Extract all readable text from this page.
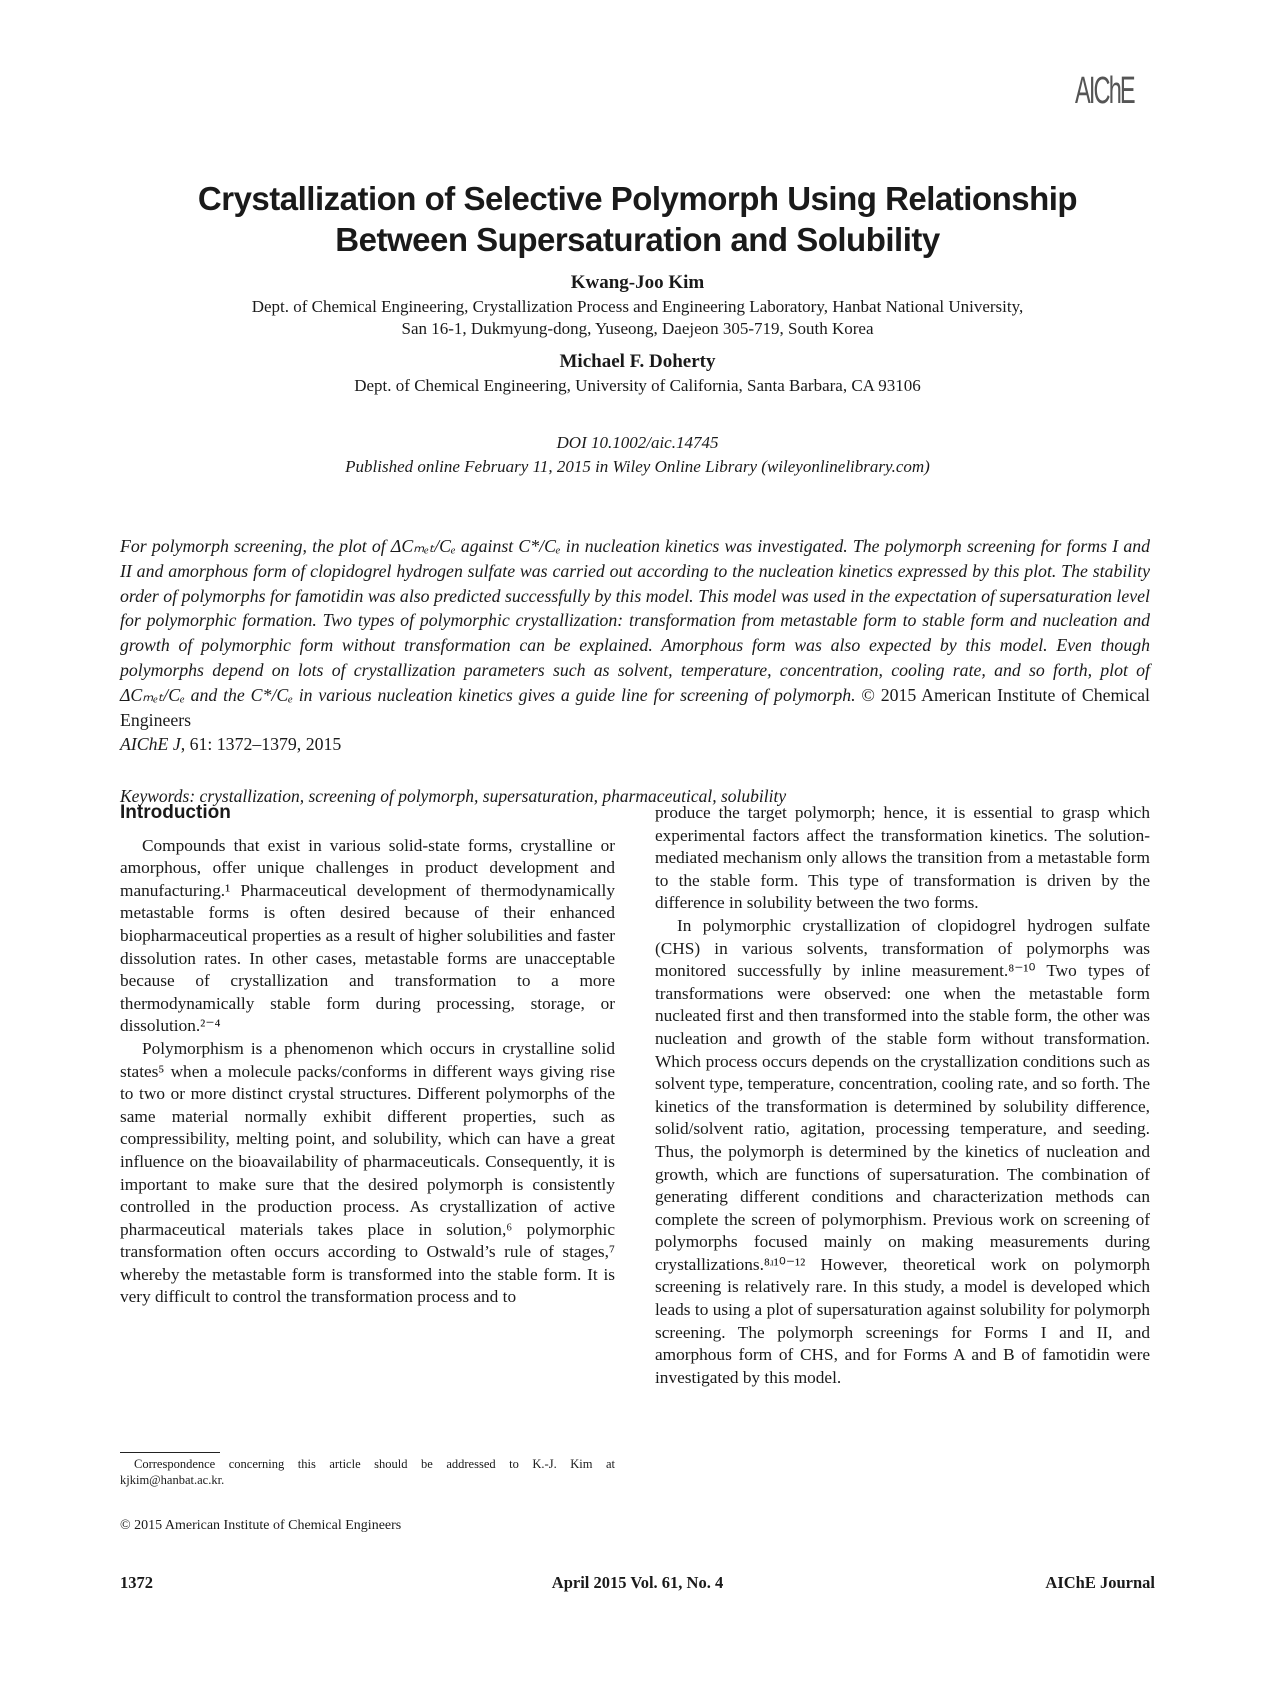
AIChE
Crystallization of Selective Polymorph Using Relationship
Between Supersaturation and Solubility
Kwang-Joo Kim
Dept. of Chemical Engineering, Crystallization Process and Engineering Laboratory, Hanbat National University,
San 16-1, Dukmyung-dong, Yuseong, Daejeon 305-719, South Korea
Michael F. Doherty
Dept. of Chemical Engineering, University of California, Santa Barbara, CA 93106
DOI 10.1002/aic.14745
Published online February 11, 2015 in Wiley Online Library (wileyonlinelibrary.com)
For polymorph screening, the plot of ΔCₘₑₜ/Cₑ against C*/Cₑ in nucleation kinetics was investigated. The polymorph screening for forms I and II and amorphous form of clopidogrel hydrogen sulfate was carried out according to the nucleation kinetics expressed by this plot. The stability order of polymorphs for famotidin was also predicted successfully by this model. This model was used in the expectation of supersaturation level for polymorphic formation. Two types of polymorphic crystallization: transformation from metastable form to stable form and nucleation and growth of polymorphic form without transformation can be explained. Amorphous form was also expected by this model. Even though polymorphs depend on lots of crystallization parameters such as solvent, temperature, concentration, cooling rate, and so forth, plot of ΔCₘₑₜ/Cₑ and the C*/Cₑ in various nucleation kinetics gives a guide line for screening of polymorph. © 2015 American Institute of Chemical Engineers
AIChE J, 61: 1372–1379, 2015
Keywords: crystallization, screening of polymorph, supersaturation, pharmaceutical, solubility
Introduction

Compounds that exist in various solid-state forms, crystalline or amorphous, offer unique challenges in product development and manufacturing.¹ Pharmaceutical development of thermodynamically metastable forms is often desired because of their enhanced biopharmaceutical properties as a result of higher solubilities and faster dissolution rates. In other cases, metastable forms are unacceptable because of crystallization and transformation to a more thermodynamically stable form during processing, storage, or dissolution.²⁻⁴

Polymorphism is a phenomenon which occurs in crystalline solid states⁵ when a molecule packs/conforms in different ways giving rise to two or more distinct crystal structures. Different polymorphs of the same material normally exhibit different properties, such as compressibility, melting point, and solubility, which can have a great influence on the bioavailability of pharmaceuticals. Consequently, it is important to make sure that the desired polymorph is consistently controlled in the production process. As crystallization of active pharmaceutical materials takes place in solution,⁶ polymorphic transformation often occurs according to Ostwald’s rule of stages,⁷ whereby the metastable form is transformed into the stable form. It is very difficult to control the transformation process and to

produce the target polymorph; hence, it is essential to grasp which experimental factors affect the transformation kinetics. The solution-mediated mechanism only allows the transition from a metastable form to the stable form. This type of transformation is driven by the difference in solubility between the two forms.

In polymorphic crystallization of clopidogrel hydrogen sulfate (CHS) in various solvents, transformation of polymorphs was monitored successfully by inline measurement.⁸⁻¹⁰ Two types of transformations were observed: one when the metastable form nucleated first and then transformed into the stable form, the other was nucleation and growth of the stable form without transformation. Which process occurs depends on the crystallization conditions such as solvent type, temperature, concentration, cooling rate, and so forth. The kinetics of the transformation is determined by solubility difference, solid/solvent ratio, agitation, processing temperature, and seeding. Thus, the polymorph is determined by the kinetics of nucleation and growth, which are functions of supersaturation. The combination of generating different conditions and characterization methods can complete the screen of polymorphism. Previous work on screening of polymorphs focused mainly on making measurements during crystallizations.⁸ʴ¹⁰⁻¹² However, theoretical work on polymorph screening is relatively rare. In this study, a model is developed which leads to using a plot of supersaturation against solubility for polymorph screening. The polymorph screenings for Forms I and II, and amorphous form of CHS, and for Forms A and B of famotidin were investigated by this model.

Correspondence concerning this article should be addressed to K.-J. Kim at kjkim@hanbat.ac.kr.
© 2015 American Institute of Chemical Engineers
1372	April 2015 Vol. 61, No. 4	AIChE Journal
